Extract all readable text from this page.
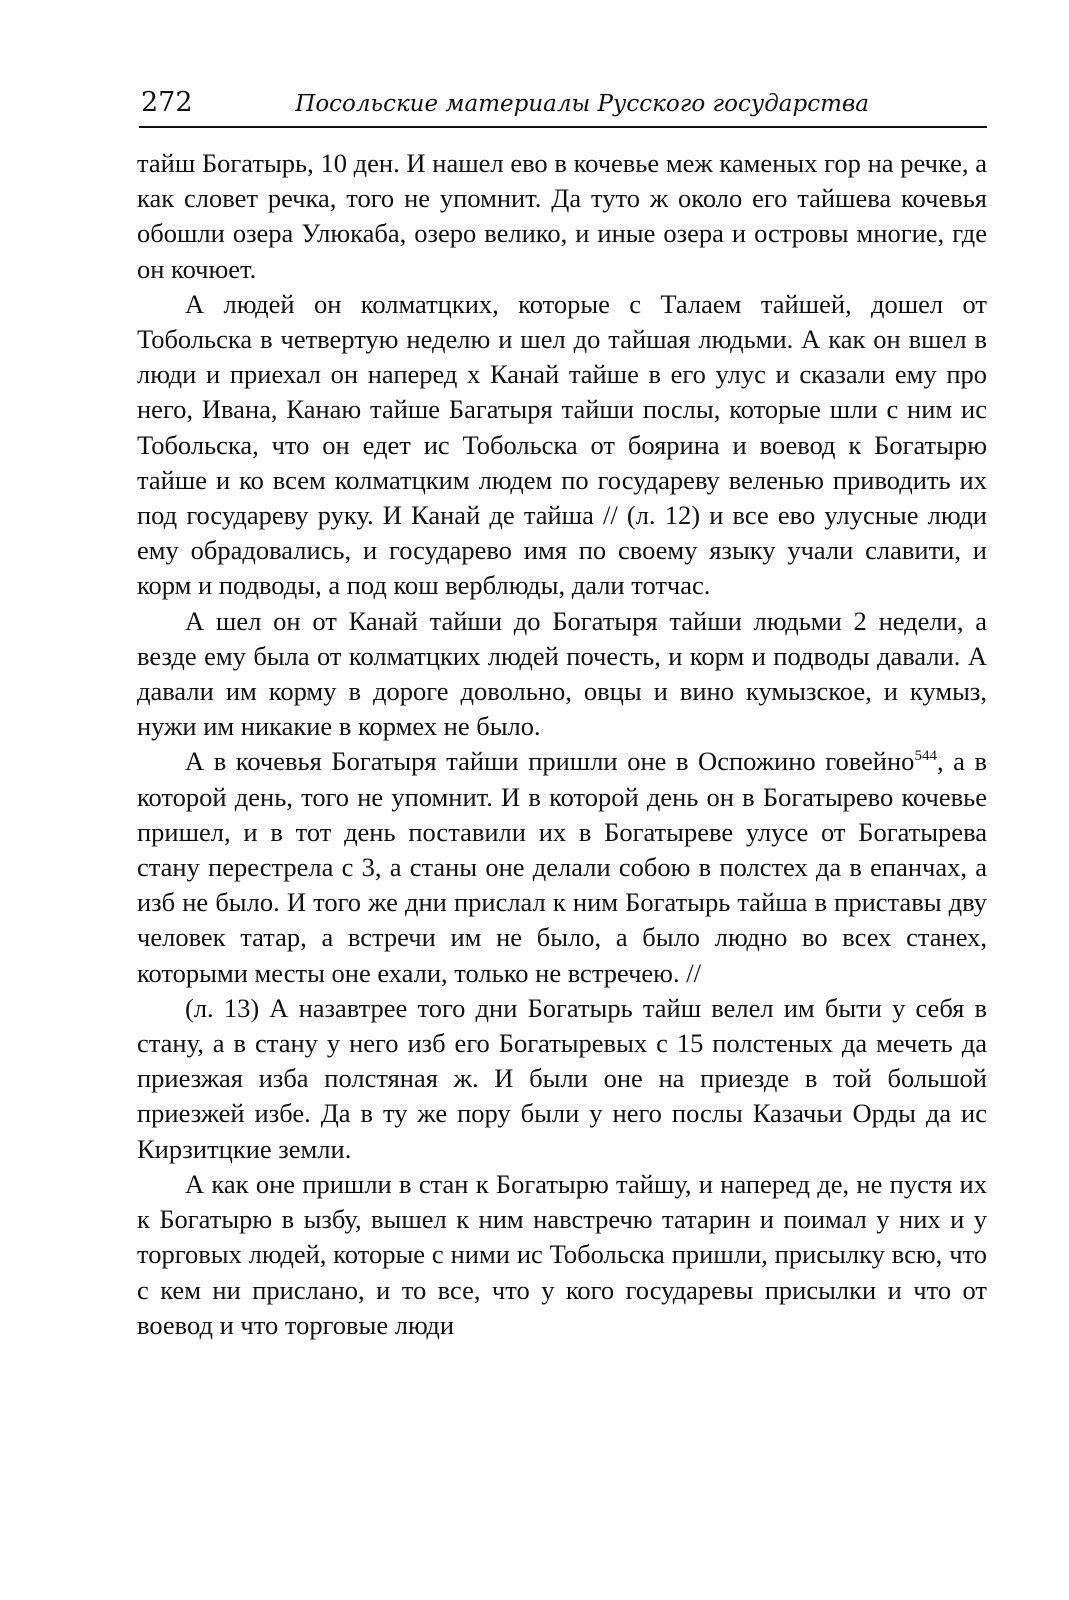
272	Посольские материалы Русского государства

тайш Богатырь, 10 ден. И нашел ево в кочевье меж каменых гор на речке, а как словет речка, того не упомнит. Да туто ж около его тайшева кочевья обошли озера Улюкаба, озеро велико, и иные озера и островы многие, где он кочюет.

А людей он колматцких, которые с Талаем тайшей, дошел от Тобольска в четвертую неделю и шел до тайшая людьми. А как он вшел в люди и приехал он наперед х Канай тайше в его улус и сказали ему про него, Ивана, Канаю тайше Багатыря тайши послы, которые шли с ним ис Тобольска, что он едет ис Тобольска от боярина и воевод к Богатырю тайше и ко всем колматцким людем по государеву веленью приводить их под государеву руку. И Канай де тайша // (л. 12) и все ево улусные люди ему обрадовались, и государево имя по своему языку учали славити, и корм и подводы, а под кош верблюды, дали тотчас.

А шел он от Канай тайши до Богатыря тайши людьми 2 недели, а везде ему была от колматцких людей почесть, и корм и подводы давали. А давали им корму в дороге довольно, овцы и вино кумызское, и кумыз, нужи им никакие в кормех не было.

А в кочевья Богатыря тайши пришли оне в Оспожино говейно$^{544}$, а в которой день, того не упомнит. И в которой день он в Богатырево кочевье пришел, и в тот день поставили их в Богатыреве улусе от Богатырева стану перестрела с 3, а станы оне делали собою в полстех да в епанчах, а изб не было. И того же дни прислал к ним Богатырь тайша в приставы дву человек татар, а встречи им не было, а было людно во всех станех, которыми месты оне ехали, только не встречею. //

(л. 13) А назавтрее того дни Богатырь тайш велел им быти у себя в стану, а в стану у него изб его Богатыревых с 15 полстеных да мечеть да приезжая изба полстяная ж. И были оне на приезде в той большой приезжей избе. Да в ту же пору были у него послы Казачьи Орды да ис Кирзитцкие земли.

А как оне пришли в стан к Богатырю тайшу, и наперед де, не пустя их к Богатырю в ызбу, вышел к ним навстречю татарин и поимал у них и у торговых людей, которые с ними ис Тобольска пришли, присылку всю, что с кем ни прислано, и то все, что у кого государевы присылки и что от воевод и что торговые люди
